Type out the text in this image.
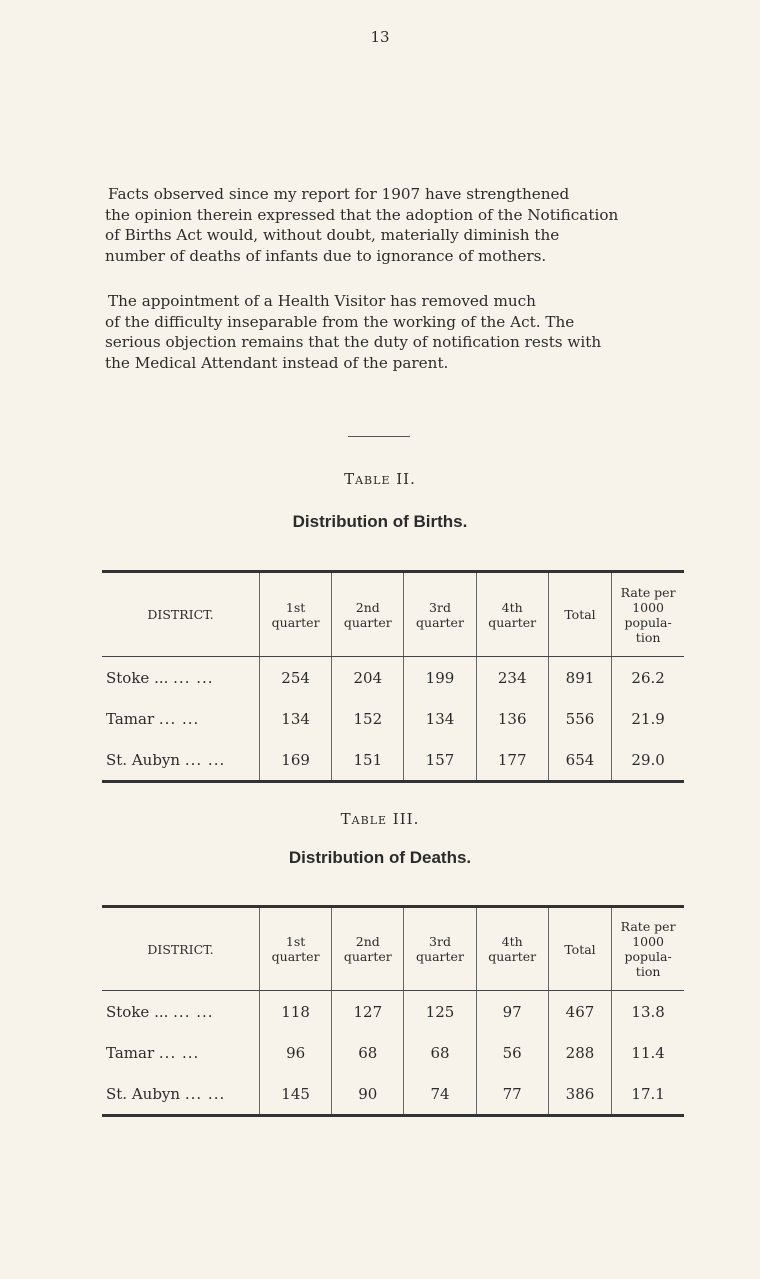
13

Facts observed since my report for 1907 have strengthened
the opinion therein expressed that the adoption of the Notification
of Births Act would, without doubt, materially diminish the
number of deaths of infants due to ignorance of mothers.

The appointment of a Health Visitor has removed much
of the difficulty inseparable from the working of the Act. The
serious objection remains that the duty of notification rests with
the Medical Attendant instead of the parent.

Table II.
Distribution of Births.
DISTRICT.	1st quarter	2nd quarter	3rd quarter	4th quarter	Total	Rate per 1000 popula-tion
Stoke ... ... ...	254	204	199	234	891	26.2
Tamar ... ...	134	152	134	136	556	21.9
St. Aubyn ... ...	169	151	157	177	654	29.0
Table III.
Distribution of Deaths.
DISTRICT.	1st quarter	2nd quarter	3rd quarter	4th quarter	Total	Rate per 1000 popula-tion
Stoke ... ... ...	118	127	125	97	467	13.8
Tamar ... ...	96	68	68	56	288	11.4
St. Aubyn ... ...	145	90	74	77	386	17.1
